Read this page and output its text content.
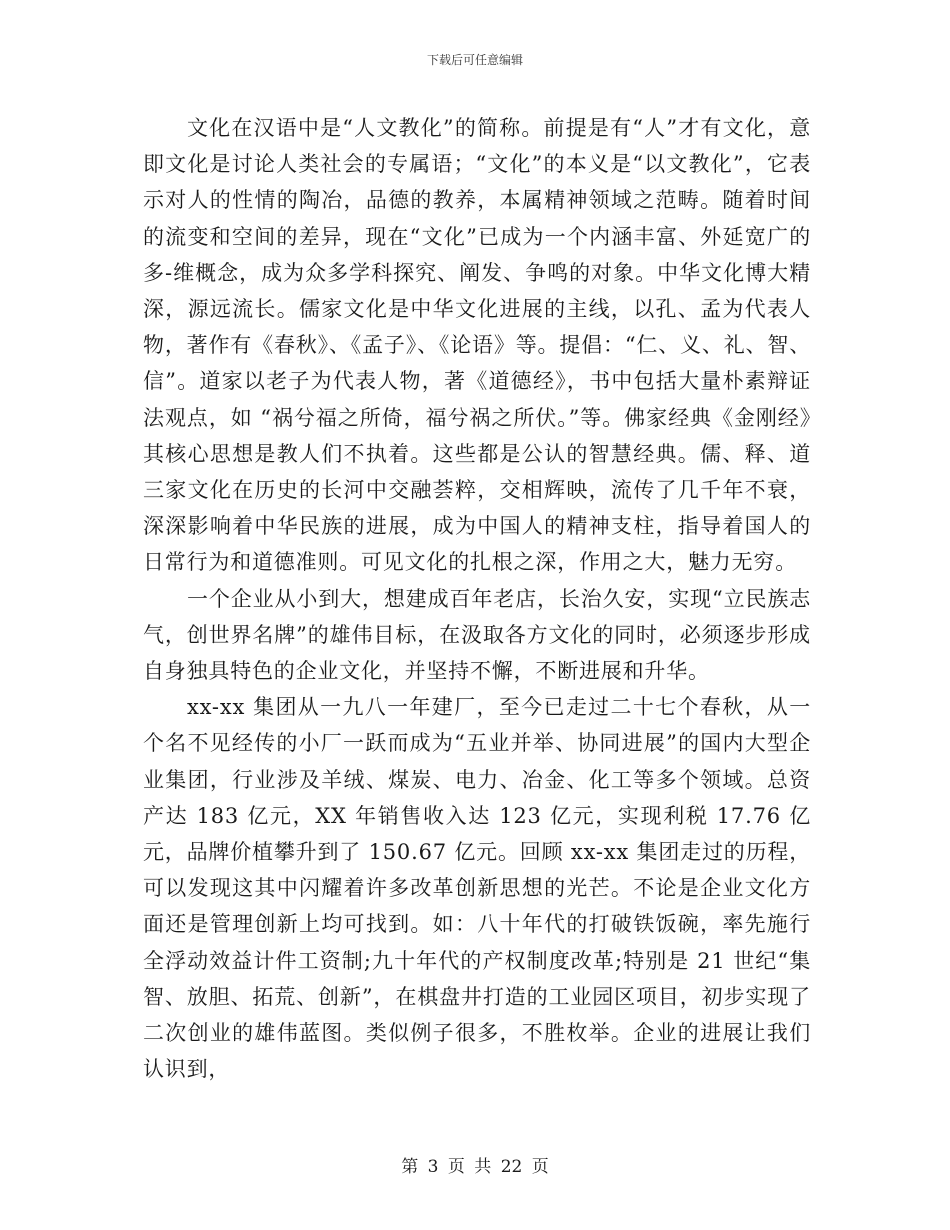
下载后可任意编辑

文化在汉语中是“人文教化”的简称。前提是有“人”才有文化，意即文化是讨论人类社会的专属语；“文化”的本义是“以文教化”，它表示对人的性情的陶冶，品德的教养，本属精神领域之范畴。随着时间的流变和空间的差异，现在“文化”已成为一个内涵丰富、外延宽广的多-维概念，成为众多学科探究、阐发、争鸣的对象。中华文化博大精深，源远流长。儒家文化是中华文化进展的主线，以孔、孟为代表人物，著作有《春秋》、《孟子》、《论语》等。提倡：“仁、义、礼、智、信”。道家以老子为代表人物，著《道德经》，书中包括大量朴素辩证法观点，如 “祸兮福之所倚，福兮祸之所伏。”等。佛家经典《金刚经》其核心思想是教人们不执着。这些都是公认的智慧经典。儒、释、道三家文化在历史的长河中交融荟粹，交相辉映，流传了几千年不衰，深深影响着中华民族的进展，成为中国人的精神支柱，指导着国人的日常行为和道德准则。可见文化的扎根之深，作用之大，魅力无穷。

一个企业从小到大，想建成百年老店，长治久安，实现“立民族志气，创世界名牌”的雄伟目标，在汲取各方文化的同时，必须逐步形成自身独具特色的企业文化，并坚持不懈，不断进展和升华。

xx-xx 集团从一九八一年建厂，至今已走过二十七个春秋，从一个名不见经传的小厂一跃而成为“五业并举、协同进展”的国内大型企业集团，行业涉及羊绒、煤炭、电力、冶金、化工等多个领域。总资产达 183 亿元，XX 年销售收入达 123 亿元，实现利税 17.76 亿元，品牌价植攀升到了 150.67 亿元。回顾 xx-xx 集团走过的历程，可以发现这其中闪耀着许多改革创新思想的光芒。不论是企业文化方面还是管理创新上均可找到。如：八十年代的打破铁饭碗，率先施行全浮动效益计件工资制;九十年代的产权制度改革;特别是 21 世纪“集智、放胆、拓荒、创新”，在棋盘井打造的工业园区项目，初步实现了二次创业的雄伟蓝图。类似例子很多，不胜枚举。企业的进展让我们认识到，

第 3 页 共 22 页
